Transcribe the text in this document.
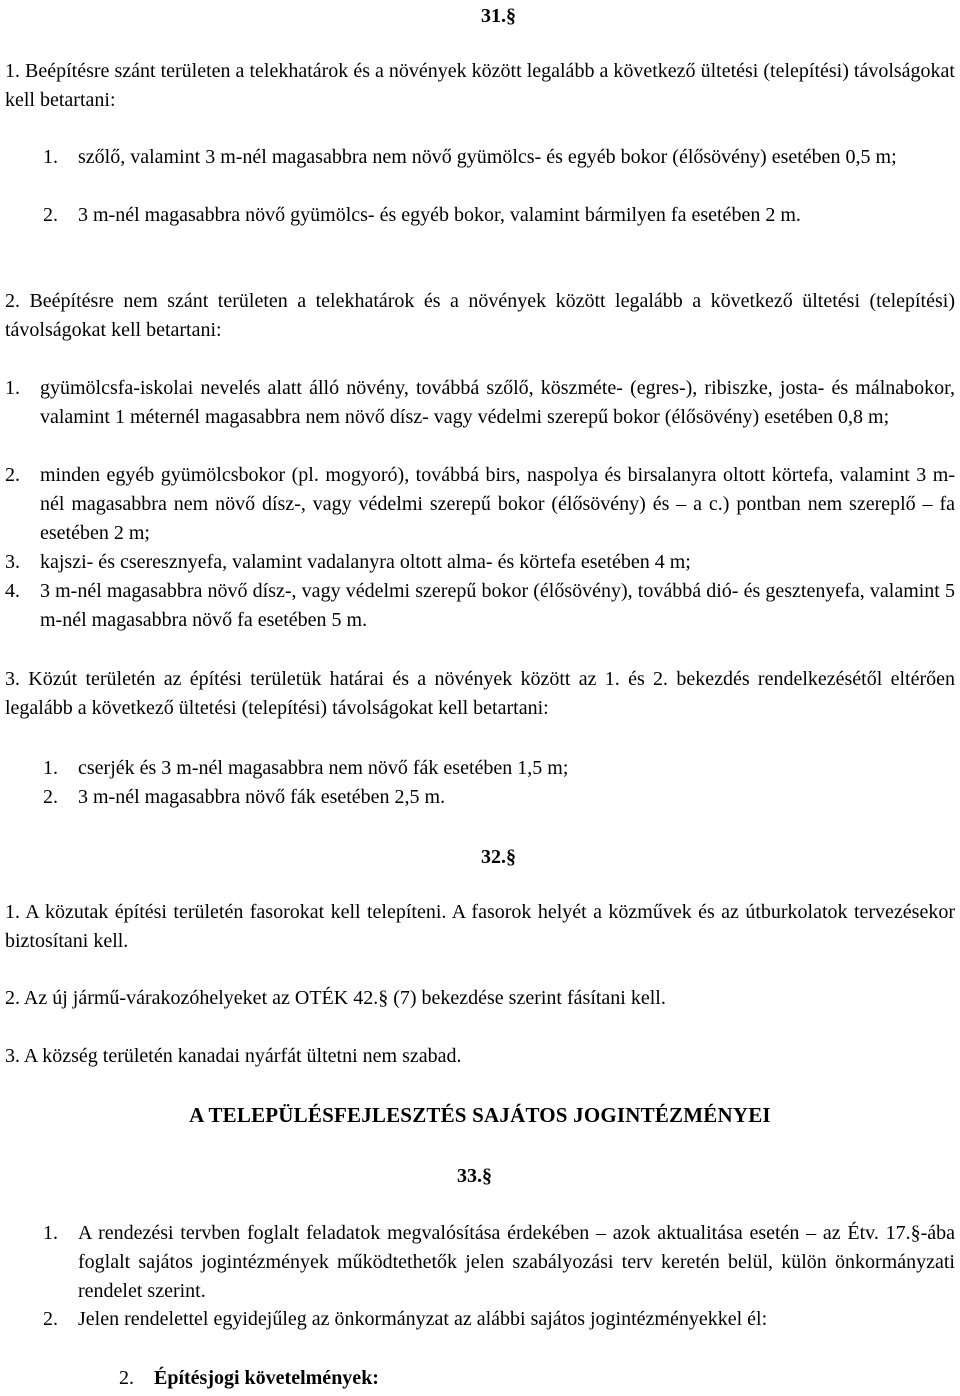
31.§
1. Beépítésre szánt területen a telekhatárok és a növények között legalább a következő ültetési (telepítési) távolságokat kell betartani:
1.	szőlő, valamint 3 m-nél magasabbra nem növő gyümölcs- és egyéb bokor (élősövény) esetében 0,5 m;
2.	3 m-nél magasabbra növő gyümölcs- és egyéb bokor, valamint bármilyen fa esetében 2 m.
2. Beépítésre nem szánt területen a telekhatárok és a növények között legalább a következő ültetési (telepítési) távolságokat kell betartani:
1.	gyümölcsfa-iskolai nevelés alatt álló növény, továbbá szőlő, köszméte- (egres-), ribiszke, josta- és málnabokor, valamint 1 méternél magasabbra nem növő dísz- vagy védelmi szerepű bokor (élősövény) esetében 0,8 m;
2.	minden egyéb gyümölcsbokor (pl. mogyoró), továbbá birs, naspolya és birsalanyra oltott körtefa, valamint 3 m-nél magasabbra nem növő dísz-, vagy védelmi szerepű bokor (élősövény) és – a c.) pontban nem szereplő – fa esetében 2 m;
3.	kajszi- és cseresznyefa, valamint vadalanyra oltott alma- és körtefa esetében 4 m;
4.	3 m-nél magasabbra növő dísz-, vagy védelmi szerepű bokor (élősövény), továbbá dió- és gesztenyefa, valamint 5 m-nél magasabbra növő fa esetében 5 m.
3. Közút területén az építési területük határai és a növények között az 1. és 2. bekezdés rendelkezésétől eltérően legalább a következő ültetési (telepítési) távolságokat kell betartani:
1.	cserjék és 3 m-nél magasabbra nem növő fák esetében 1,5 m;
2.	3 m-nél magasabbra növő fák esetében 2,5 m.
32.§
1. A közutak építési területén fasorokat kell telepíteni. A fasorok helyét a közművek és az útburkolatok tervezésekor biztosítani kell.
2. Az új jármű-várakozóhelyeket az OTÉK 42.§ (7) bekezdése szerint fásítani kell.
3. A község területén kanadai nyárfát ültetni nem szabad.
A TELEPÜLÉSFEJLESZTÉS SAJÁTOS JOGINTÉZMÉNYEI
33.§
1.	A rendezési tervben foglalt feladatok megvalósítása érdekében – azok aktualitása esetén – az Étv. 17.§-ába foglalt sajátos jogintézmények működtethetők jelen szabályozási terv keretén belül, külön önkormányzati rendelet szerint.
2.	Jelen rendelettel egyidejűleg az önkormányzat az alábbi sajátos jogintézményekkel él:
2.	Építésjogi követelmények:
